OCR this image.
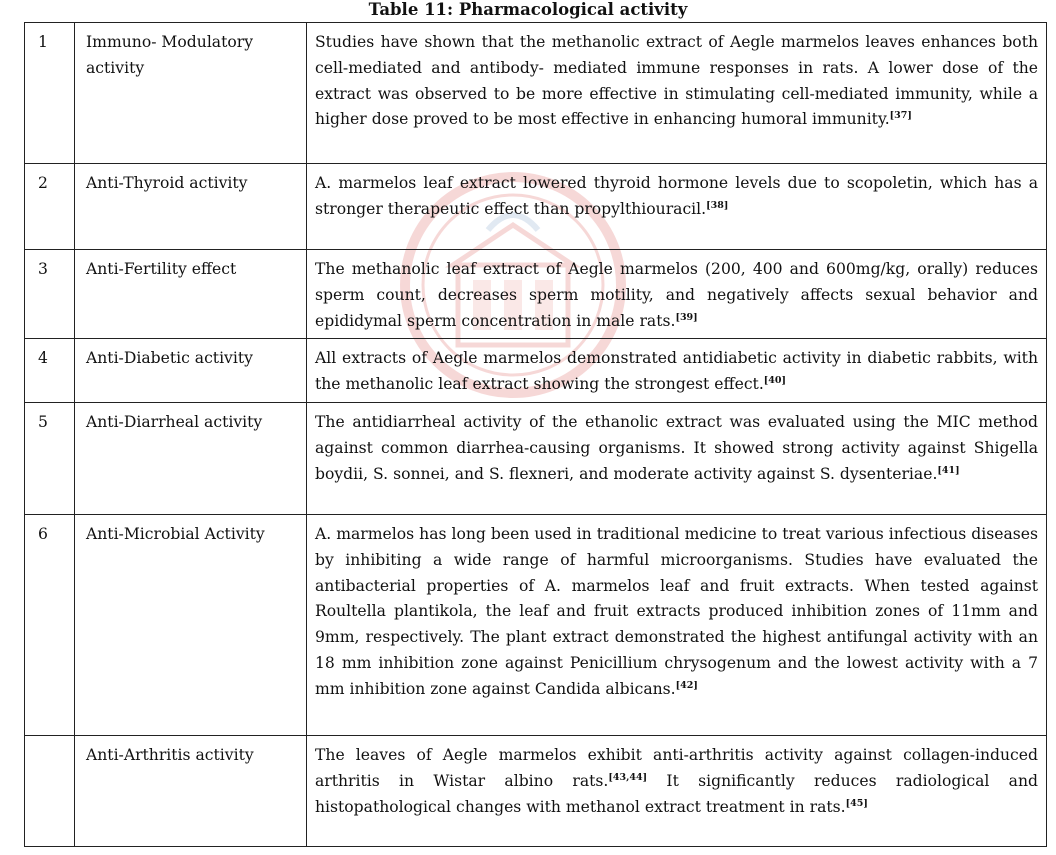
Table 11: Pharmacological activity
1	Immuno- Modulatory activity	Studies have shown that the methanolic extract of Aegle marmelos leaves enhances both cell-mediated and antibody- mediated immune responses in rats. A lower dose of the extract was observed to be more effective in stimulating cell-mediated immunity, while a higher dose proved to be most effective in enhancing humoral immunity.[37]
2	Anti-Thyroid activity	A. marmelos leaf extract lowered thyroid hormone levels due to scopoletin, which has a stronger therapeutic effect than propylthiouracil.[38]
3	Anti-Fertility effect	The methanolic leaf extract of Aegle marmelos (200, 400 and 600mg/kg, orally) reduces sperm count, decreases sperm motility, and negatively affects sexual behavior and epididymal sperm concentration in male rats.[39]
4	Anti-Diabetic activity	All extracts of Aegle marmelos demonstrated antidiabetic activity in diabetic rabbits, with the methanolic leaf extract showing the strongest effect.[40]
5	Anti-Diarrheal activity	The antidiarrheal activity of the ethanolic extract was evaluated using the MIC method against common diarrhea-causing organisms. It showed strong activity against Shigella boydii, S. sonnei, and S. flexneri, and moderate activity against S. dysenteriae.[41]
6	Anti-Microbial Activity	A. marmelos has long been used in traditional medicine to treat various infectious diseases by inhibiting a wide range of harmful microorganisms. Studies have evaluated the antibacterial properties of A. marmelos leaf and fruit extracts. When tested against Roultella plantikola, the leaf and fruit extracts produced inhibition zones of 11mm and 9mm, respectively. The plant extract demonstrated the highest antifungal activity with an 18 mm inhibition zone against Penicillium chrysogenum and the lowest activity with a 7 mm inhibition zone against Candida albicans.[42]
	Anti-Arthritis activity	The leaves of Aegle marmelos exhibit anti-arthritis activity against collagen-induced arthritis in Wistar albino rats.[43,44] It significantly reduces radiological and histopathological changes with methanol extract treatment in rats.[45]
